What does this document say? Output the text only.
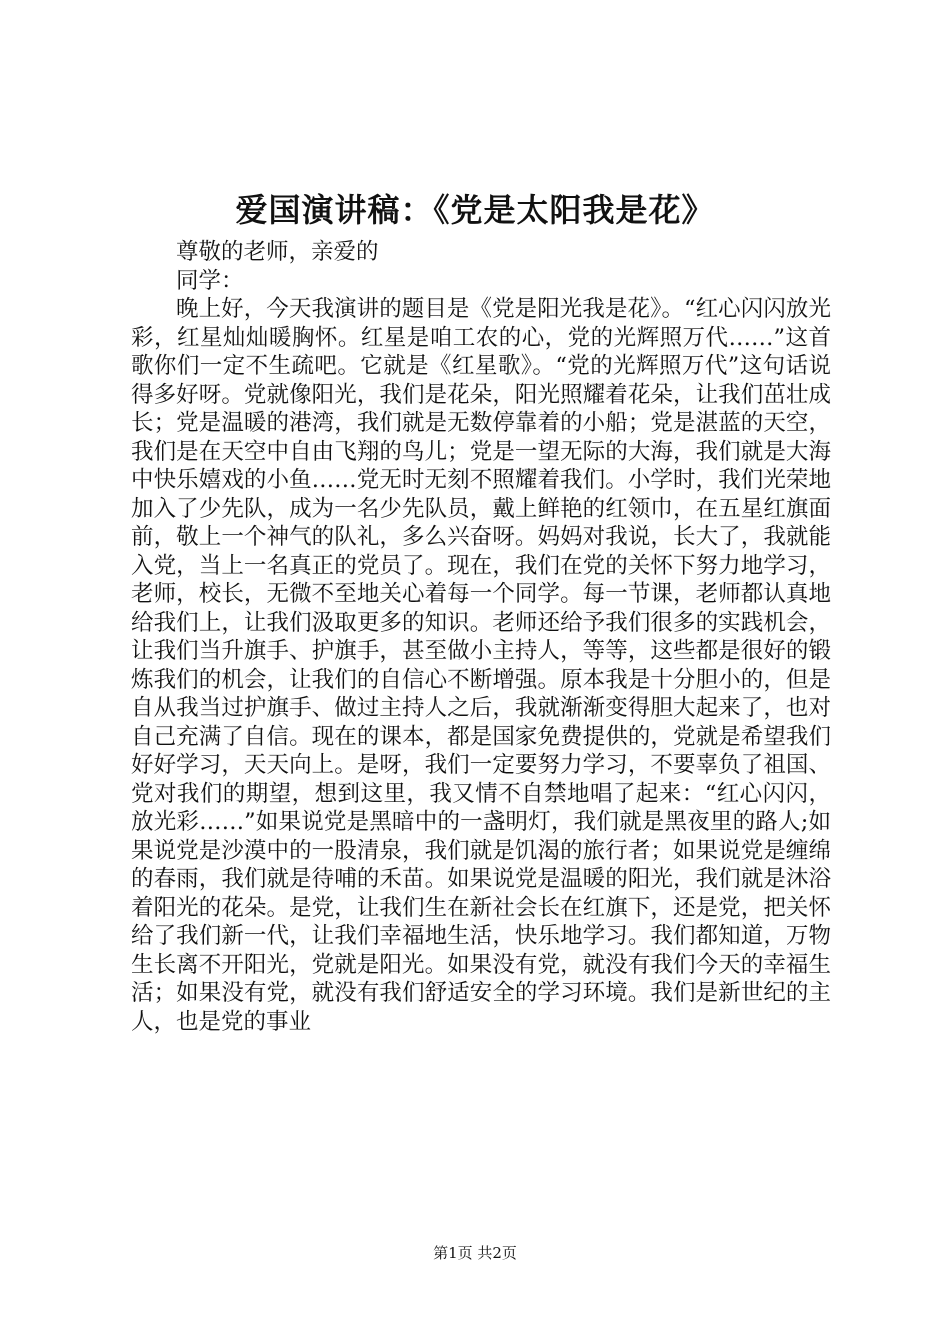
爱国演讲稿：《党是太阳我是花》
尊敬的老师，亲爱的
同学：

晚上好，今天我演讲的题目是《党是阳光我是花》。“红心闪闪放光彩，红星灿灿暖胸怀。红星是咱工农的心，党的光辉照万代……”这首歌你们一定不生疏吧。它就是《红星歌》。“党的光辉照万代”这句话说得多好呀。党就像阳光，我们是花朵，阳光照耀着花朵，让我们茁壮成长；党是温暖的港湾，我们就是无数停靠着的小船；党是湛蓝的天空，我们是在天空中自由飞翔的鸟儿；党是一望无际的大海，我们就是大海中快乐嬉戏的小鱼……党无时无刻不照耀着我们。小学时，我们光荣地加入了少先队，成为一名少先队员，戴上鲜艳的红领巾，在五星红旗面前，敬上一个神气的队礼，多么兴奋呀。妈妈对我说，长大了，我就能入党，当上一名真正的党员了。现在，我们在党的关怀下努力地学习，老师，校长，无微不至地关心着每一个同学。每一节课，老师都认真地给我们上，让我们汲取更多的知识。老师还给予我们很多的实践机会，让我们当升旗手、护旗手，甚至做小主持人，等等，这些都是很好的锻炼我们的机会，让我们的自信心不断增强。原本我是十分胆小的，但是自从我当过护旗手、做过主持人之后，我就渐渐变得胆大起来了，也对自己充满了自信。现在的课本，都是国家免费提供的，党就是希望我们好好学习，天天向上。是呀，我们一定要努力学习，不要辜负了祖国、党对我们的期望，想到这里，我又情不自禁地唱了起来：“红心闪闪，放光彩……”如果说党是黑暗中的一盏明灯，我们就是黑夜里的路人;如果说党是沙漠中的一股清泉，我们就是饥渴的旅行者；如果说党是缠绵的春雨，我们就是待哺的禾苗。如果说党是温暖的阳光，我们就是沐浴着阳光的花朵。是党，让我们生在新社会长在红旗下，还是党，把关怀给了我们新一代，让我们幸福地生活，快乐地学习。我们都知道，万物生长离不开阳光，党就是阳光。如果没有党，就没有我们今天的幸福生活；如果没有党，就没有我们舒适安全的学习环境。我们是新世纪的主人，也是党的事业

第1页 共2页
